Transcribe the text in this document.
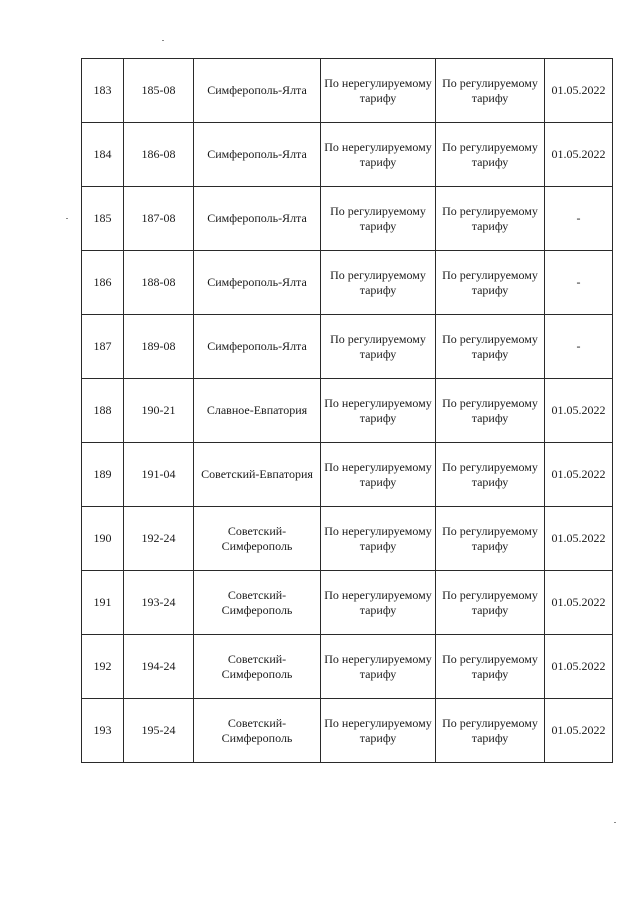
183	185-08	Симферополь-Ялта	По нерегулируемому тарифу	По регулируемому тарифу	01.05.2022
184	186-08	Симферополь-Ялта	По нерегулируемому тарифу	По регулируемому тарифу	01.05.2022
185	187-08	Симферополь-Ялта	По регулируемому тарифу	По регулируемому тарифу	-
186	188-08	Симферополь-Ялта	По регулируемому тарифу	По регулируемому тарифу	-
187	189-08	Симферополь-Ялта	По регулируемому тарифу	По регулируемому тарифу	-
188	190-21	Славное-Евпатория	По нерегулируемому тарифу	По регулируемому тарифу	01.05.2022
189	191-04	Советский-Евпатория	По нерегулируемому тарифу	По регулируемому тарифу	01.05.2022
190	192-24	Советский-Симферополь	По нерегулируемому тарифу	По регулируемому тарифу	01.05.2022
191	193-24	Советский-Симферополь	По нерегулируемому тарифу	По регулируемому тарифу	01.05.2022
192	194-24	Советский-Симферополь	По нерегулируемому тарифу	По регулируемому тарифу	01.05.2022
193	195-24	Советский-Симферополь	По нерегулируемому тарифу	По регулируемому тарифу	01.05.2022
